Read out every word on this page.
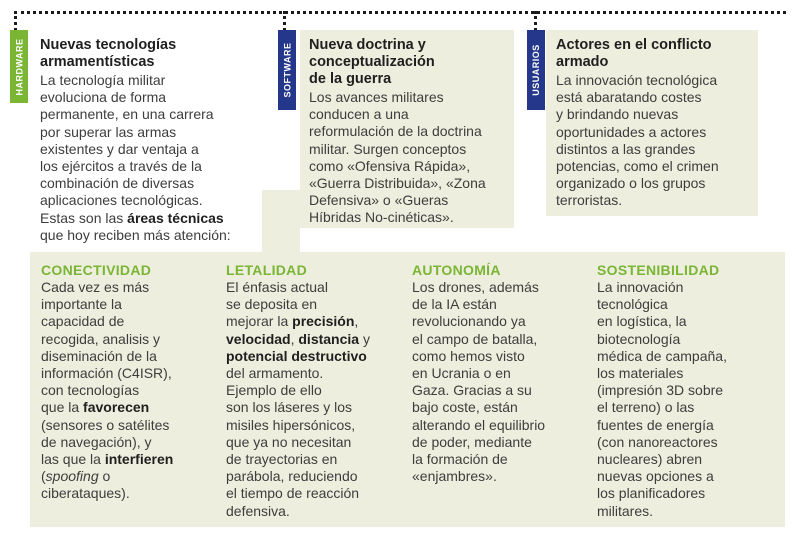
HARDWARE Nuevas tecnologías
armamentísticas
La tecnología militar
evoluciona de forma
permanente, en una carrera
por superar las armas
existentes y dar ventaja a
los ejércitos a través de la
combinación de diversas
aplicaciones tecnológicas.
Estas son las áreas técnicas
que hoy reciben más atención:
SOFTWARE Nueva doctrina y
conceptualización
de la guerra
Los avances militares
conducen a una
reformulación de la doctrina
militar. Surgen conceptos
como «Ofensiva Rápida»,
«Guerra Distribuida», «Zona
Defensiva» o «Gueras
Híbridas No-cinéticas».
USUARIOS Actores en el conflicto
armado
La innovación tecnológica
está abaratando costes
y brindando nuevas
oportunidades a actores
distintos a las grandes
potencias, como el crimen
organizado o los grupos
terroristas.
CONECTIVIDAD
Cada vez es más
importante la
capacidad de
recogida, analisis y
diseminación de la
información (C4ISR),
con tecnologías
que la favorecen
(sensores o satélites
de navegación), y
las que la interfieren
(spoofing o
ciberataques).
LETALIDAD
El énfasis actual
se deposita en
mejorar la precisión,
velocidad, distancia y
potencial destructivo
del armamento.
Ejemplo de ello
son los láseres y los
misiles hipersónicos,
que ya no necesitan
de trayectorias en
parábola, reduciendo
el tiempo de reacción
defensiva.
AUTONOMÍA
Los drones, además
de la IA están
revolucionando ya
el campo de batalla,
como hemos visto
en Ucrania o en
Gaza. Gracias a su
bajo coste, están
alterando el equilibrio
de poder, mediante
la formación de
«enjambres».
SOSTENIBILIDAD
La innovación
tecnológica
en logística, la
biotecnología
médica de campaña,
los materiales
(impresión 3D sobre
el terreno) o las
fuentes de energía
(con nanoreactores
nucleares) abren
nuevas opciones a
los planificadores
militares.
